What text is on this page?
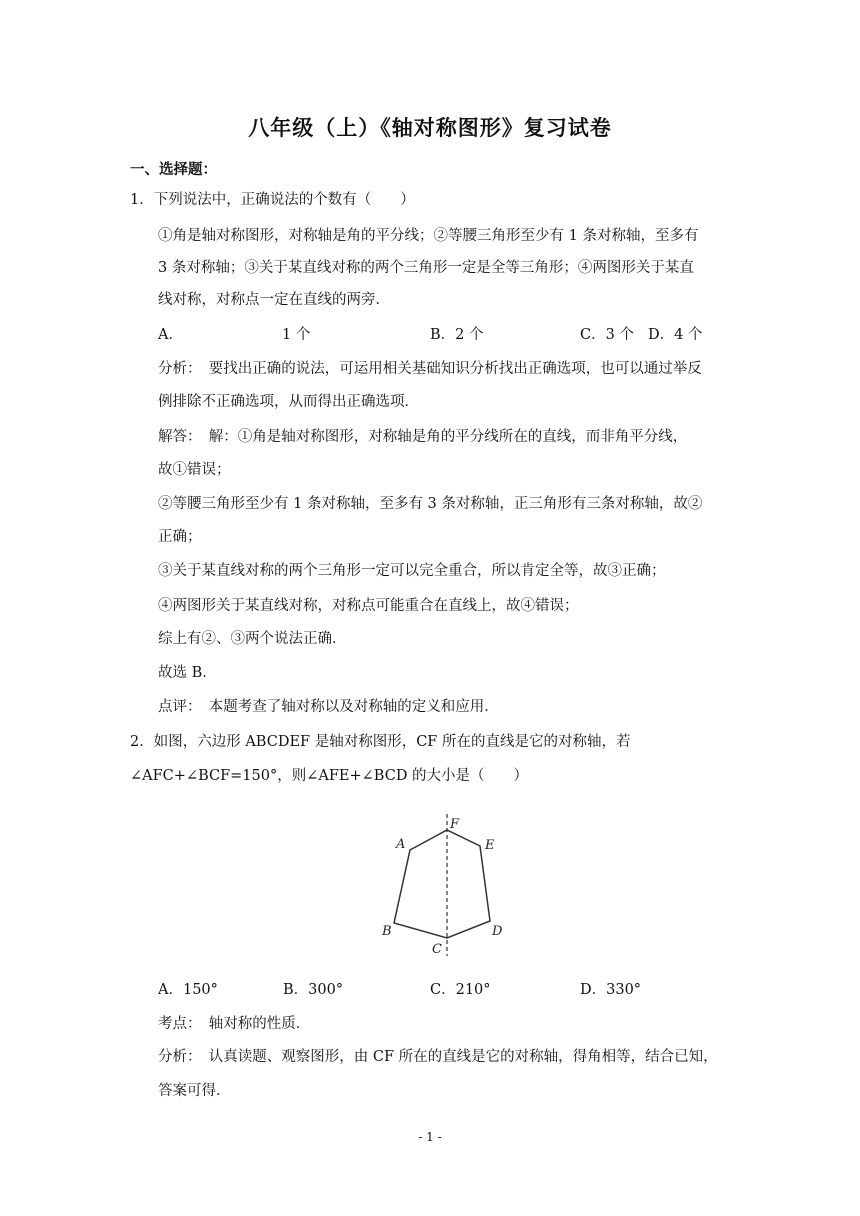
八年级（上）《轴对称图形》复习试卷
一、选择题：
1．下列说法中，正确说法的个数有（　　）
①角是轴对称图形，对称轴是角的平分线；②等腰三角形至少有 1 条对称轴，至多有
3 条对称轴；③关于某直线对称的两个三角形一定是全等三角形；④两图形关于某直
线对称，对称点一定在直线的两旁．
A．	1 个	B．2 个	C．3 个 D．4 个
分析：　要找出正确的说法，可运用相关基础知识分析找出正确选项，也可以通过举反
例排除不正确选项，从而得出正确选项．
解答：　解：①角是轴对称图形，对称轴是角的平分线所在的直线，而非角平分线，
故①错误；
②等腰三角形至少有 1 条对称轴，至多有 3 条对称轴，正三角形有三条对称轴，故②
正确；
③关于某直线对称的两个三角形一定可以完全重合，所以肯定全等，故③正确；
④两图形关于某直线对称，对称点可能重合在直线上，故④错误；
综上有②、③两个说法正确．
故选 B．
点评：　本题考查了轴对称以及对称轴的定义和应用．
2．如图，六边形 ABCDEF 是轴对称图形，CF 所在的直线是它的对称轴，若
∠AFC+∠BCF=150°，则∠AFE+∠BCD 的大小是（　　）
A
F
E
B
C
D
A．150°	B．300°	C．210°	D．330°
考点：　轴对称的性质．
分析：　认真读题、观察图形，由 CF 所在的直线是它的对称轴，得角相等，结合已知，
答案可得．
- 1 -
